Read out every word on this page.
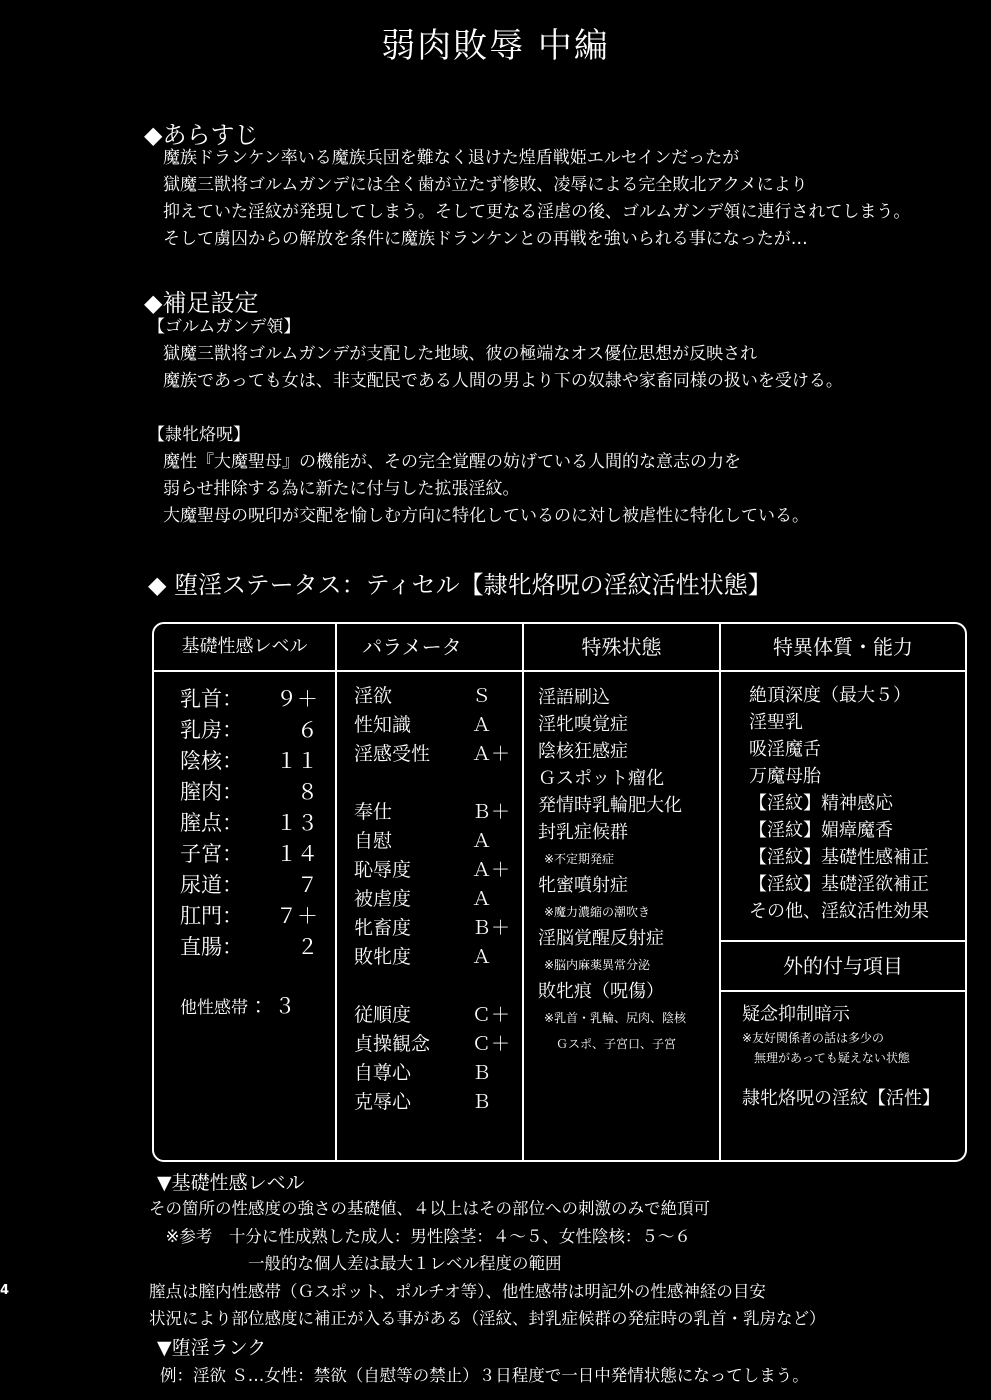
弱肉敗辱 中編
◆あらすじ
魔族ドランケン率いる魔族兵団を難なく退けた煌盾戦姫エルセインだったが
獄魔三獣将ゴルムガンデには全く歯が立たず惨敗、凌辱による完全敗北アクメにより
抑えていた淫紋が発現してしまう。そして更なる淫虐の後、ゴルムガンデ領に連行されてしまう。
そして虜囚からの解放を条件に魔族ドランケンとの再戦を強いられる事になったが…
◆補足設定
【ゴルムガンデ領】
獄魔三獣将ゴルムガンデが支配した地域、彼の極端なオス優位思想が反映され
魔族であっても女は、非支配民である人間の男より下の奴隷や家畜同様の扱いを受ける。
【隷牝烙呪】
魔性『大魔聖母』の機能が、その完全覚醒の妨げている人間的な意志の力を
弱らせ排除する為に新たに付与した拡張淫紋。
大魔聖母の呪印が交配を愉しむ方向に特化しているのに対し被虐性に特化している。
◆ 堕淫ステータス：ティセル【隷牝烙呪の淫紋活性状態】
基礎性感レベル	パラメータ	特殊状態	特異体質・能力
乳首：	９＋
乳房：	６
陰核：	１１
膣肉：	８
膣点：	１３
子宮：	１４
尿道：	７
肛門：	７＋
直腸：	２
他性感帯 ：３
淫欲	Ｓ
性知識	Ａ
淫感受性	Ａ＋
奉仕	Ｂ＋
自慰	Ａ
恥辱度	Ａ＋
被虐度	Ａ
牝畜度	Ｂ＋
敗牝度	Ａ
従順度	Ｃ＋
貞操観念	Ｃ＋
自尊心	Ｂ
克辱心	Ｂ
淫語刷込
淫牝嗅覚症
陰核狂感症
Ｇスポット瘤化
発情時乳輪肥大化
封乳症候群
※不定期発症
牝蜜噴射症
※魔力濃縮の潮吹き
淫脳覚醒反射症
※脳内麻薬異常分泌
敗牝痕（呪傷）
※乳首・乳輪、尻肉、陰核
　Ｇスポ、子宮口、子宮
絶頂深度（最大５）
淫聖乳
吸淫魔舌
万魔母胎
【淫紋】精神感応
【淫紋】媚瘴魔香
【淫紋】基礎性感補正
【淫紋】基礎淫欲補正
その他、淫紋活性効果
外的付与項目
疑念抑制暗示
※友好関係者の話は多少の
無理があっても疑えない状態
隷牝烙呪の淫紋【活性】
▼基礎性感レベル
その箇所の性感度の強さの基礎値、４以上はその部位への刺激のみで絶頂可
　※参考　十分に性成熟した成人：男性陰茎：４～５、女性陰核：５～６
　　　　　　一般的な個人差は最大１レベル程度の範囲
膣点は膣内性感帯（Ｇスポット、ポルチオ等）、他性感帯は明記外の性感神経の目安
状況により部位感度に補正が入る事がある（淫紋、封乳症候群の発症時の乳首・乳房など）
▼堕淫ランク
例：淫欲 Ｓ…女性：禁欲（自慰等の禁止）３日程度で一日中発情状態になってしまう。
4
